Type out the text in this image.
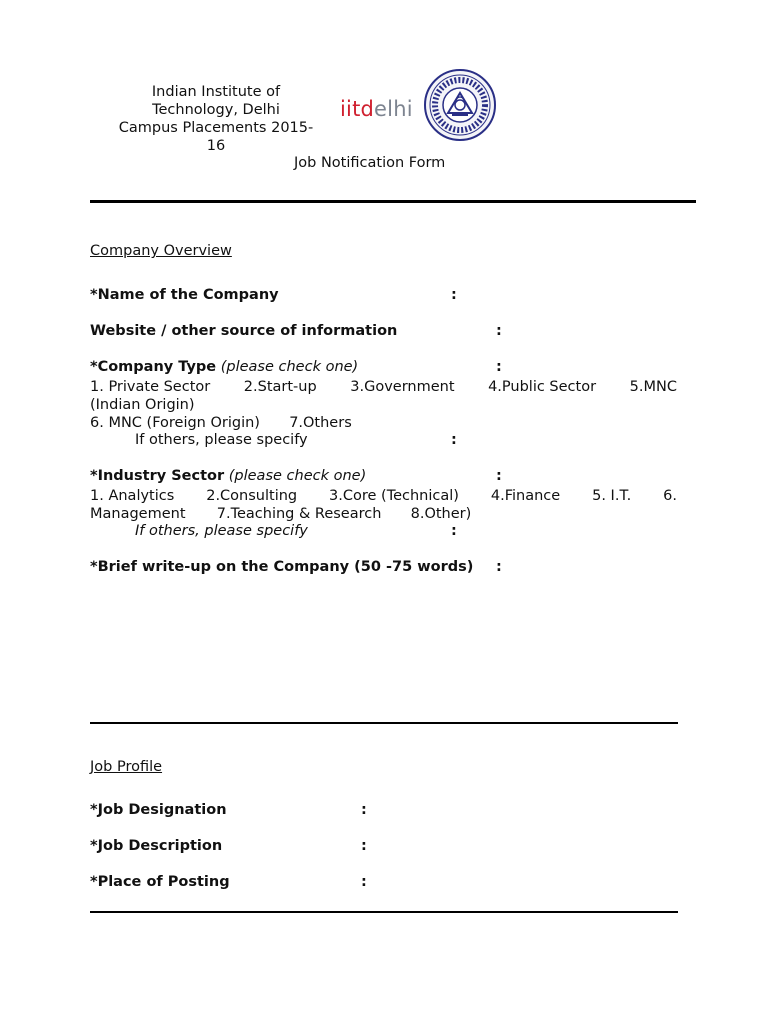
Indian Institute of
Technology, Delhi
Campus Placements 2015-
16
iitdelhi
Job Notification Form
Company Overview
*Name of the Company	:
Website / other source of information	:
*Company Type (please check one)	:
1. Private Sector 2.Start-up 3.Government 4.Public Sector 5.MNC
(Indian Origin)
6. MNC (Foreign Origin) 7.Others
If others, please specify	:
*Industry Sector (please check one)	:
1. Analytics 2.Consulting 3.Core (Technical) 4.Finance 5. I.T. 6.
Management 7.Teaching & Research 8.Other)
If others, please specify	:
*Brief write-up on the Company (50 -75 words) :
Job Profile
*Job Designation	:
*Job Description	:
*Place of Posting	:
